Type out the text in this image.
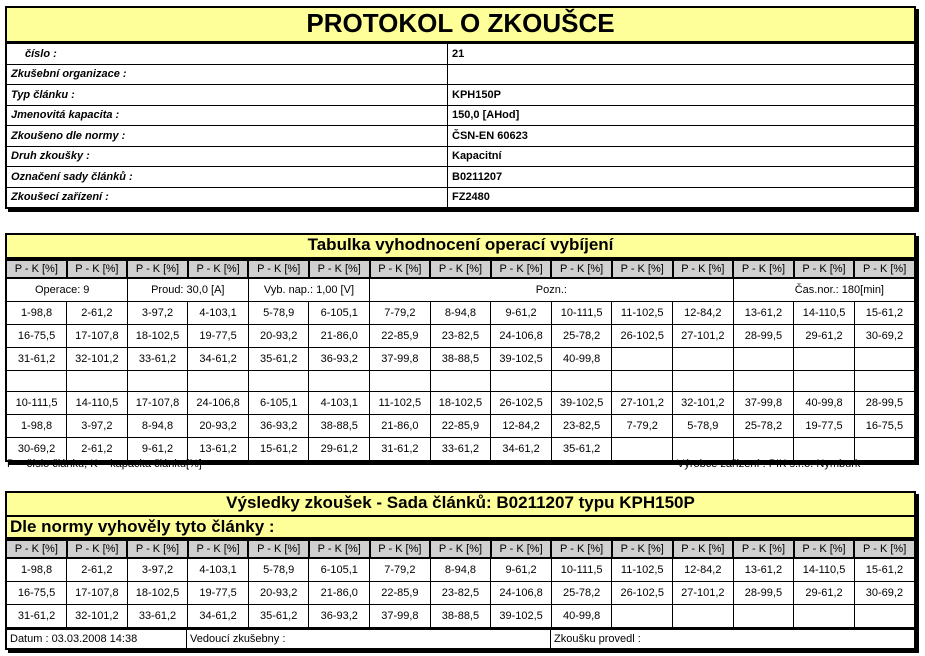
PROTOKOL O ZKOUŠCE
číslo :	21
Zkušební organizace :	
Typ článku :	KPH150P
Jmenovitá kapacita :	150,0 [AHod]
Zkoušeno dle normy :	ČSN-EN 60623
Druh zkoušky :	Kapacitní
Označení sady článků :	B0211207
Zkoušecí zařízení :	FZ2480
Tabulka vyhodnocení operací vybíjení
P - K [%]	P - K [%]	P - K [%]	P - K [%]	P - K [%]	P - K [%]	P - K [%]	P - K [%]	P - K [%]	P - K [%]	P - K [%]	P - K [%]	P - K [%]	P - K [%]	P - K [%]
Operace: 9		Proud: 30,0 [A]		Vyb. nap.: 1,00 [V]		Pozn.:						Čas.nor.: 180[min]		
1-98,8	2-61,2	3-97,2	4-103,1	5-78,9	6-105,1	7-79,2	8-94,8	9-61,2	10-111,5	11-102,5	12-84,2	13-61,2	14-110,5	15-61,2
16-75,5	17-107,8	18-102,5	19-77,5	20-93,2	21-86,0	22-85,9	23-82,5	24-106,8	25-78,2	26-102,5	27-101,2	28-99,5	29-61,2	30-69,2
31-61,2	32-101,2	33-61,2	34-61,2	35-61,2	36-93,2	37-99,8	38-88,5	39-102,5	40-99,8					

10-111,5	14-110,5	17-107,8	24-106,8	6-105,1	4-103,1	11-102,5	18-102,5	26-102,5	39-102,5	27-101,2	32-101,2	37-99,8	40-99,8	28-99,5
1-98,8	3-97,2	8-94,8	20-93,2	36-93,2	38-88,5	21-86,0	22-85,9	12-84,2	23-82,5	7-79,2	5-78,9	25-78,2	19-77,5	16-75,5
30-69,2	2-61,2	9-61,2	13-61,2	15-61,2	29-61,2	31-61,2	33-61,2	34-61,2	35-61,2					
P = číslo článku, K = kapacita článku[%]	Výrobce zařízení : PIK s.r.o. Nymburk
Výsledky zkoušek - Sada článků: B0211207 typu KPH150P
Dle normy vyhověly tyto články :
P - K [%]	P - K [%]	P - K [%]	P - K [%]	P - K [%]	P - K [%]	P - K [%]	P - K [%]	P - K [%]	P - K [%]	P - K [%]	P - K [%]	P - K [%]	P - K [%]	P - K [%]
1-98,8	2-61,2	3-97,2	4-103,1	5-78,9	6-105,1	7-79,2	8-94,8	9-61,2	10-111,5	11-102,5	12-84,2	13-61,2	14-110,5	15-61,2
16-75,5	17-107,8	18-102,5	19-77,5	20-93,2	21-86,0	22-85,9	23-82,5	24-106,8	25-78,2	26-102,5	27-101,2	28-99,5	29-61,2	30-69,2
31-61,2	32-101,2	33-61,2	34-61,2	35-61,2	36-93,2	37-99,8	38-88,5	39-102,5	40-99,8					
Datum : 03.03.2008 14:38	Vedoucí zkušebny :	Zkoušku provedl :
